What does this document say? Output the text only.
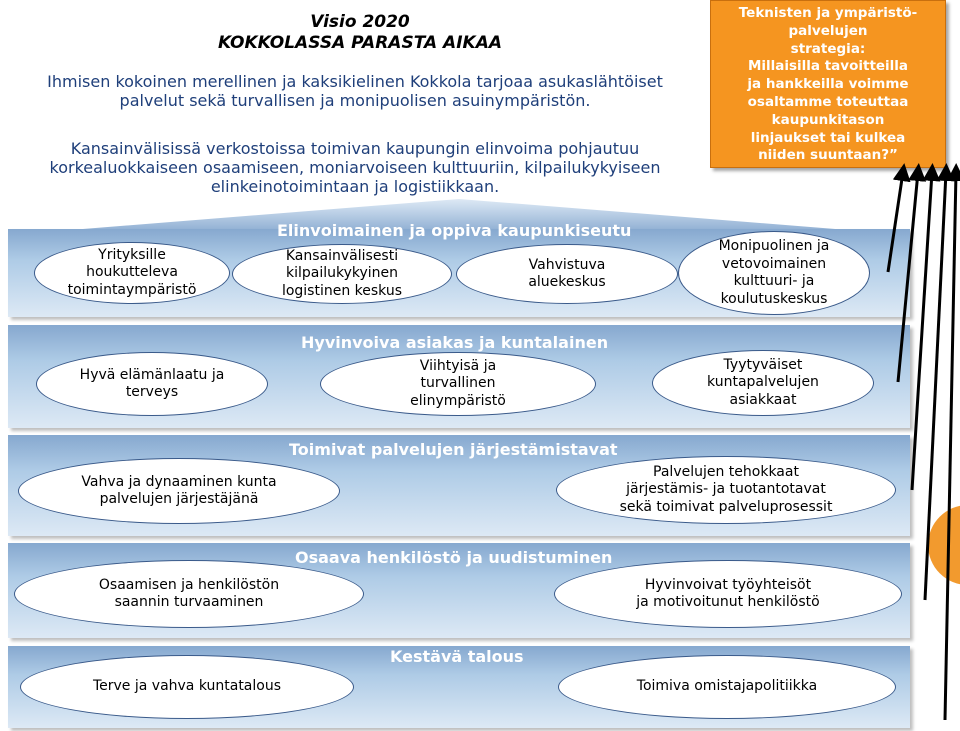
Visio 2020
KOKKOLASSA PARASTA AIKAA
Ihmisen kokoinen merellinen ja kaksikielinen Kokkola tarjoaa asukaslähtöiset
palvelut sekä turvallisen ja monipuolisen asuinympäristön.
Kansainvälisissä verkostoissa toimivan kaupungin elinvoima pohjautuu
korkealuokkaiseen osaamiseen, moniarvoiseen kulttuuriin, kilpailukykyiseen
elinkeinotoimintaan ja logistiikkaan.
Teknisten ja ympäristö-
palvelujen
strategia:
Millaisilla tavoitteilla
ja hankkeilla voimme
osaltamme toteuttaa
kaupunkitason
linjaukset tai kulkea
niiden suuntaan?”
Elinvoimainen ja oppiva kaupunkiseutu
Yrityksille
houkutteleva
toimintaympäristö
Kansainvälisesti
kilpailukykyinen
logistinen keskus
Vahvistuva
aluekeskus
Monipuolinen ja
vetovoimainen
kulttuuri- ja
koulutuskeskus
Hyvinvoiva asiakas ja kuntalainen
Hyvä elämänlaatu ja
terveys
Viihtyisä ja
turvallinen
elinympäristö
Tyytyväiset
kuntapalvelujen
asiakkaat
Toimivat palvelujen järjestämistavat
Vahva ja dynaaminen kunta
palvelujen järjestäjänä
Palvelujen tehokkaat
järjestämis- ja tuotantotavat
sekä toimivat palveluprosessit
Osaava henkilöstö ja uudistuminen
Osaamisen ja henkilöstön
saannin turvaaminen
Hyvinvoivat työyhteisöt
ja motivoitunut henkilöstö
Kestävä talous
Terve ja vahva kuntatalous	Toimiva omistajapolitiikka
